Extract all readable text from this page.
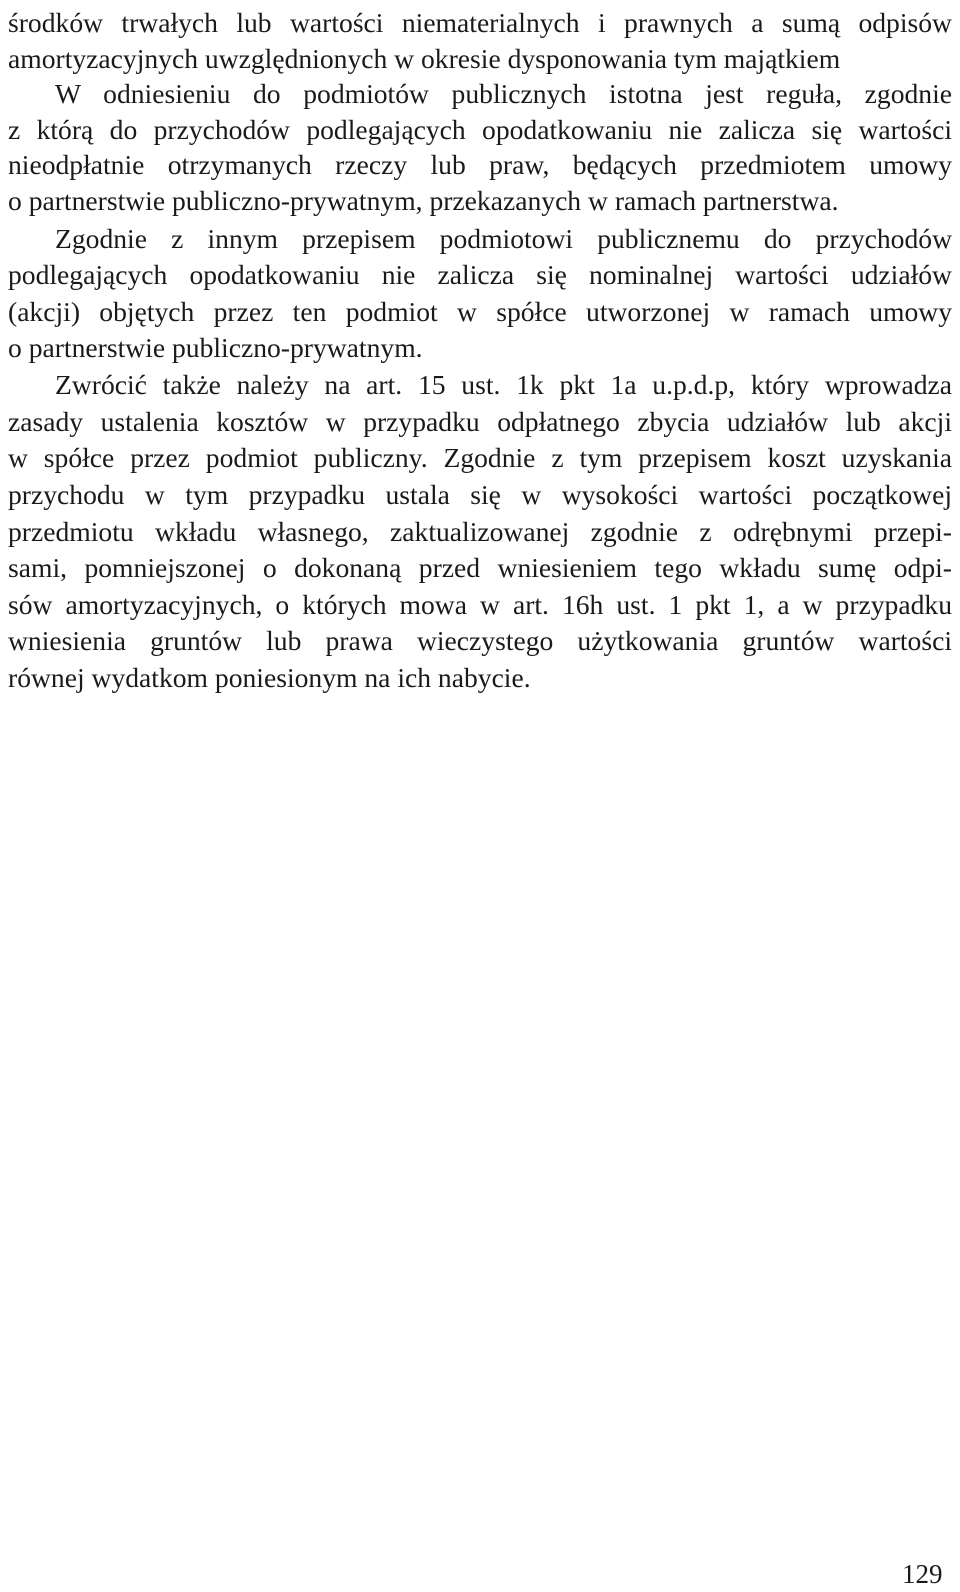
środków trwałych lub wartości niematerialnych i prawnych a sumą odpisów
amortyzacyjnych uwzględnionych w okresie dysponowania tym majątkiem
W odniesieniu do podmiotów publicznych istotna jest reguła, zgodnie
z którą do przychodów podlegających opodatkowaniu nie zalicza się wartości
nieodpłatnie otrzymanych rzeczy lub praw, będących przedmiotem umowy
o partnerstwie publiczno-prywatnym, przekazanych w ramach partnerstwa.
Zgodnie z innym przepisem podmiotowi publicznemu do przychodów
podlegających opodatkowaniu nie zalicza się nominalnej wartości udziałów
(akcji) objętych przez ten podmiot w spółce utworzonej w ramach umowy
o partnerstwie publiczno-prywatnym.
Zwrócić także należy na art. 15 ust. 1k pkt 1a u.p.d.p, który wprowadza
zasady ustalenia kosztów w przypadku odpłatnego zbycia udziałów lub akcji
w spółce przez podmiot publiczny. Zgodnie z tym przepisem koszt uzyskania
przychodu w tym przypadku ustala się w wysokości wartości początkowej
przedmiotu wkładu własnego, zaktualizowanej zgodnie z odrębnymi przepi-
sami, pomniejszonej o dokonaną przed wniesieniem tego wkładu sumę odpi-
sów amortyzacyjnych, o których mowa w art. 16h ust. 1 pkt 1, a w przypadku
wniesienia gruntów lub prawa wieczystego użytkowania gruntów wartości
równej wydatkom poniesionym na ich nabycie.
129
